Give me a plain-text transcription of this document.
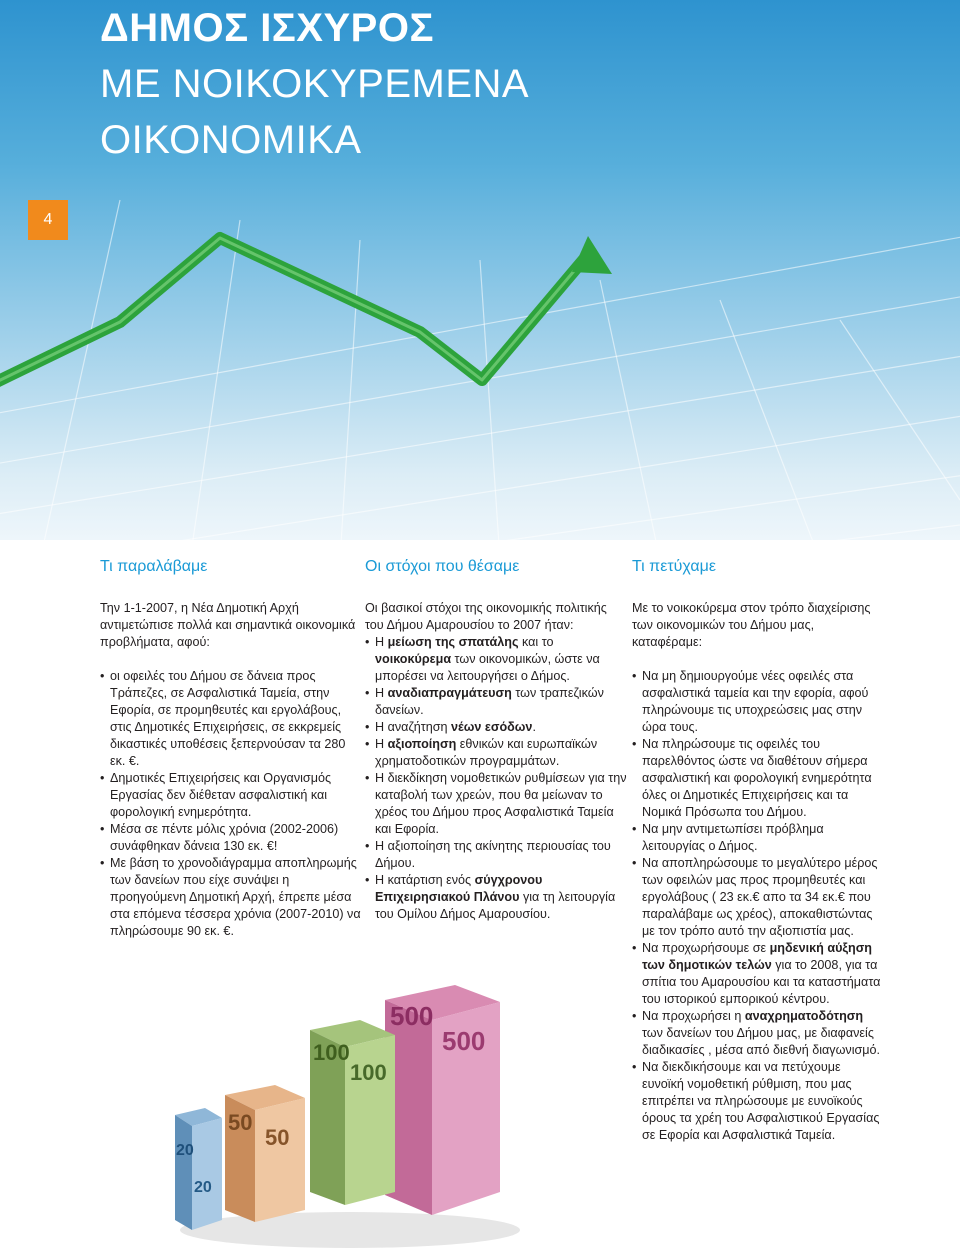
ΔΗΜΟΣ ΙΣΧΥΡΟΣ
ΜΕ ΝΟΙΚΟΚΥΡΕΜΕΝΑ
ΟΙΚΟΝΟΜΙΚΑ
4
Τι παραλάβαμε

Την 1-1-2007, η Νέα Δημοτική Αρχή αντιμετώπισε πολλά και σημαντικά οικονομικά προβλήματα, αφού:

• οι οφειλές του Δήμου σε δάνεια προς Τράπεζες, σε Ασφαλιστικά Ταμεία, στην Εφορία, σε προμηθευτές και εργολάβους, στις Δημοτικές Επιχειρήσεις, σε εκκρεμείς δικαστικές υποθέσεις ξεπερνούσαν τα 280 εκ. €.
• Δημοτικές Επιχειρήσεις και Οργανισμός Εργασίας δεν διέθεταν ασφαλιστική και φορολογική ενημερότητα.
• Μέσα σε πέντε μόλις χρόνια (2002-2006) συνάφθηκαν δάνεια 130 εκ. €!
• Με βάση το χρονοδιάγραμμα αποπληρωμής των δανείων που είχε συνάψει η προηγούμενη Δημοτική Αρχή, έπρεπε μέσα στα επόμενα τέσσερα χρόνια (2007-2010) να πληρώσουμε 90 εκ. €.
Οι στόχοι που θέσαμε

Οι βασικοί στόχοι της οικονομικής πολιτικής του Δήμου Αμαρουσίου το 2007 ήταν:

• Η μείωση της σπατάλης και το νοικοκύρεμα των οικονομικών, ώστε να μπορέσει να λειτουργήσει ο Δήμος.
• Η αναδιαπραγμάτευση των τραπεζικών δανείων.
• Η αναζήτηση νέων εσόδων.
• Η αξιοποίηση εθνικών και ευρωπαϊκών χρηματοδοτικών προγραμμάτων.
• Η διεκδίκηση νομοθετικών ρυθμίσεων για την καταβολή των χρεών, που θα μείωναν το χρέος του Δήμου προς Ασφαλιστικά Ταμεία και Εφορία.
• Η αξιοποίηση της ακίνητης περιουσίας του Δήμου.
• Η κατάρτιση ενός σύγχρονου Επιχειρησιακού Πλάνου για τη λειτουργία του Ομίλου Δήμος Αμαρουσίου.
Τι πετύχαμε

Με το νοικοκύρεμα στον τρόπο διαχείρισης των οικονομικών του Δήμου μας, καταφέραμε:

• Να μη δημιουργούμε νέες οφειλές στα ασφαλιστικά ταμεία και την εφορία, αφού πληρώνουμε τις υποχρεώσεις μας στην ώρα τους.
• Να πληρώσουμε τις οφειλές του παρελθόντος ώστε να διαθέτουν σήμερα ασφαλιστική και φορολογική ενημερότητα όλες οι Δημοτικές Επιχειρήσεις και τα Νομικά Πρόσωπα του Δήμου.
• Να μην αντιμετωπίσει πρόβλημα λειτουργίας ο Δήμος.
• Να αποπληρώσουμε το μεγαλύτερο μέρος των οφειλών μας προς προμηθευτές και εργολάβους ( 23 εκ.€ απο τα 34 εκ.€ που παραλάβαμε ως χρέος), αποκαθιστώντας με τον τρόπο αυτό την αξιοπιστία μας.
• Να προχωρήσουμε σε μηδενική αύξηση των δημοτικών τελών για το 2008, για τα σπίτια του Αμαρουσίου και τα καταστήματα του ιστορικού εμπορικού κέντρου.
• Να προχωρήσει η αναχρηματοδότηση των δανείων του Δήμου μας, με διαφανείς διαδικασίες , μέσα από διεθνή διαγωνισμό.
• Να διεκδικήσουμε και να πετύχουμε ευνοϊκή νομοθετική ρύθμιση, που μας επιτρέπει να πληρώσουμε με ευνοϊκούς όρους τα χρέη του Ασφαλιστικού Εργασίας σε Εφορία και Ασφαλιστικά Ταμεία.
500
500
100
100
50
50
20
20
